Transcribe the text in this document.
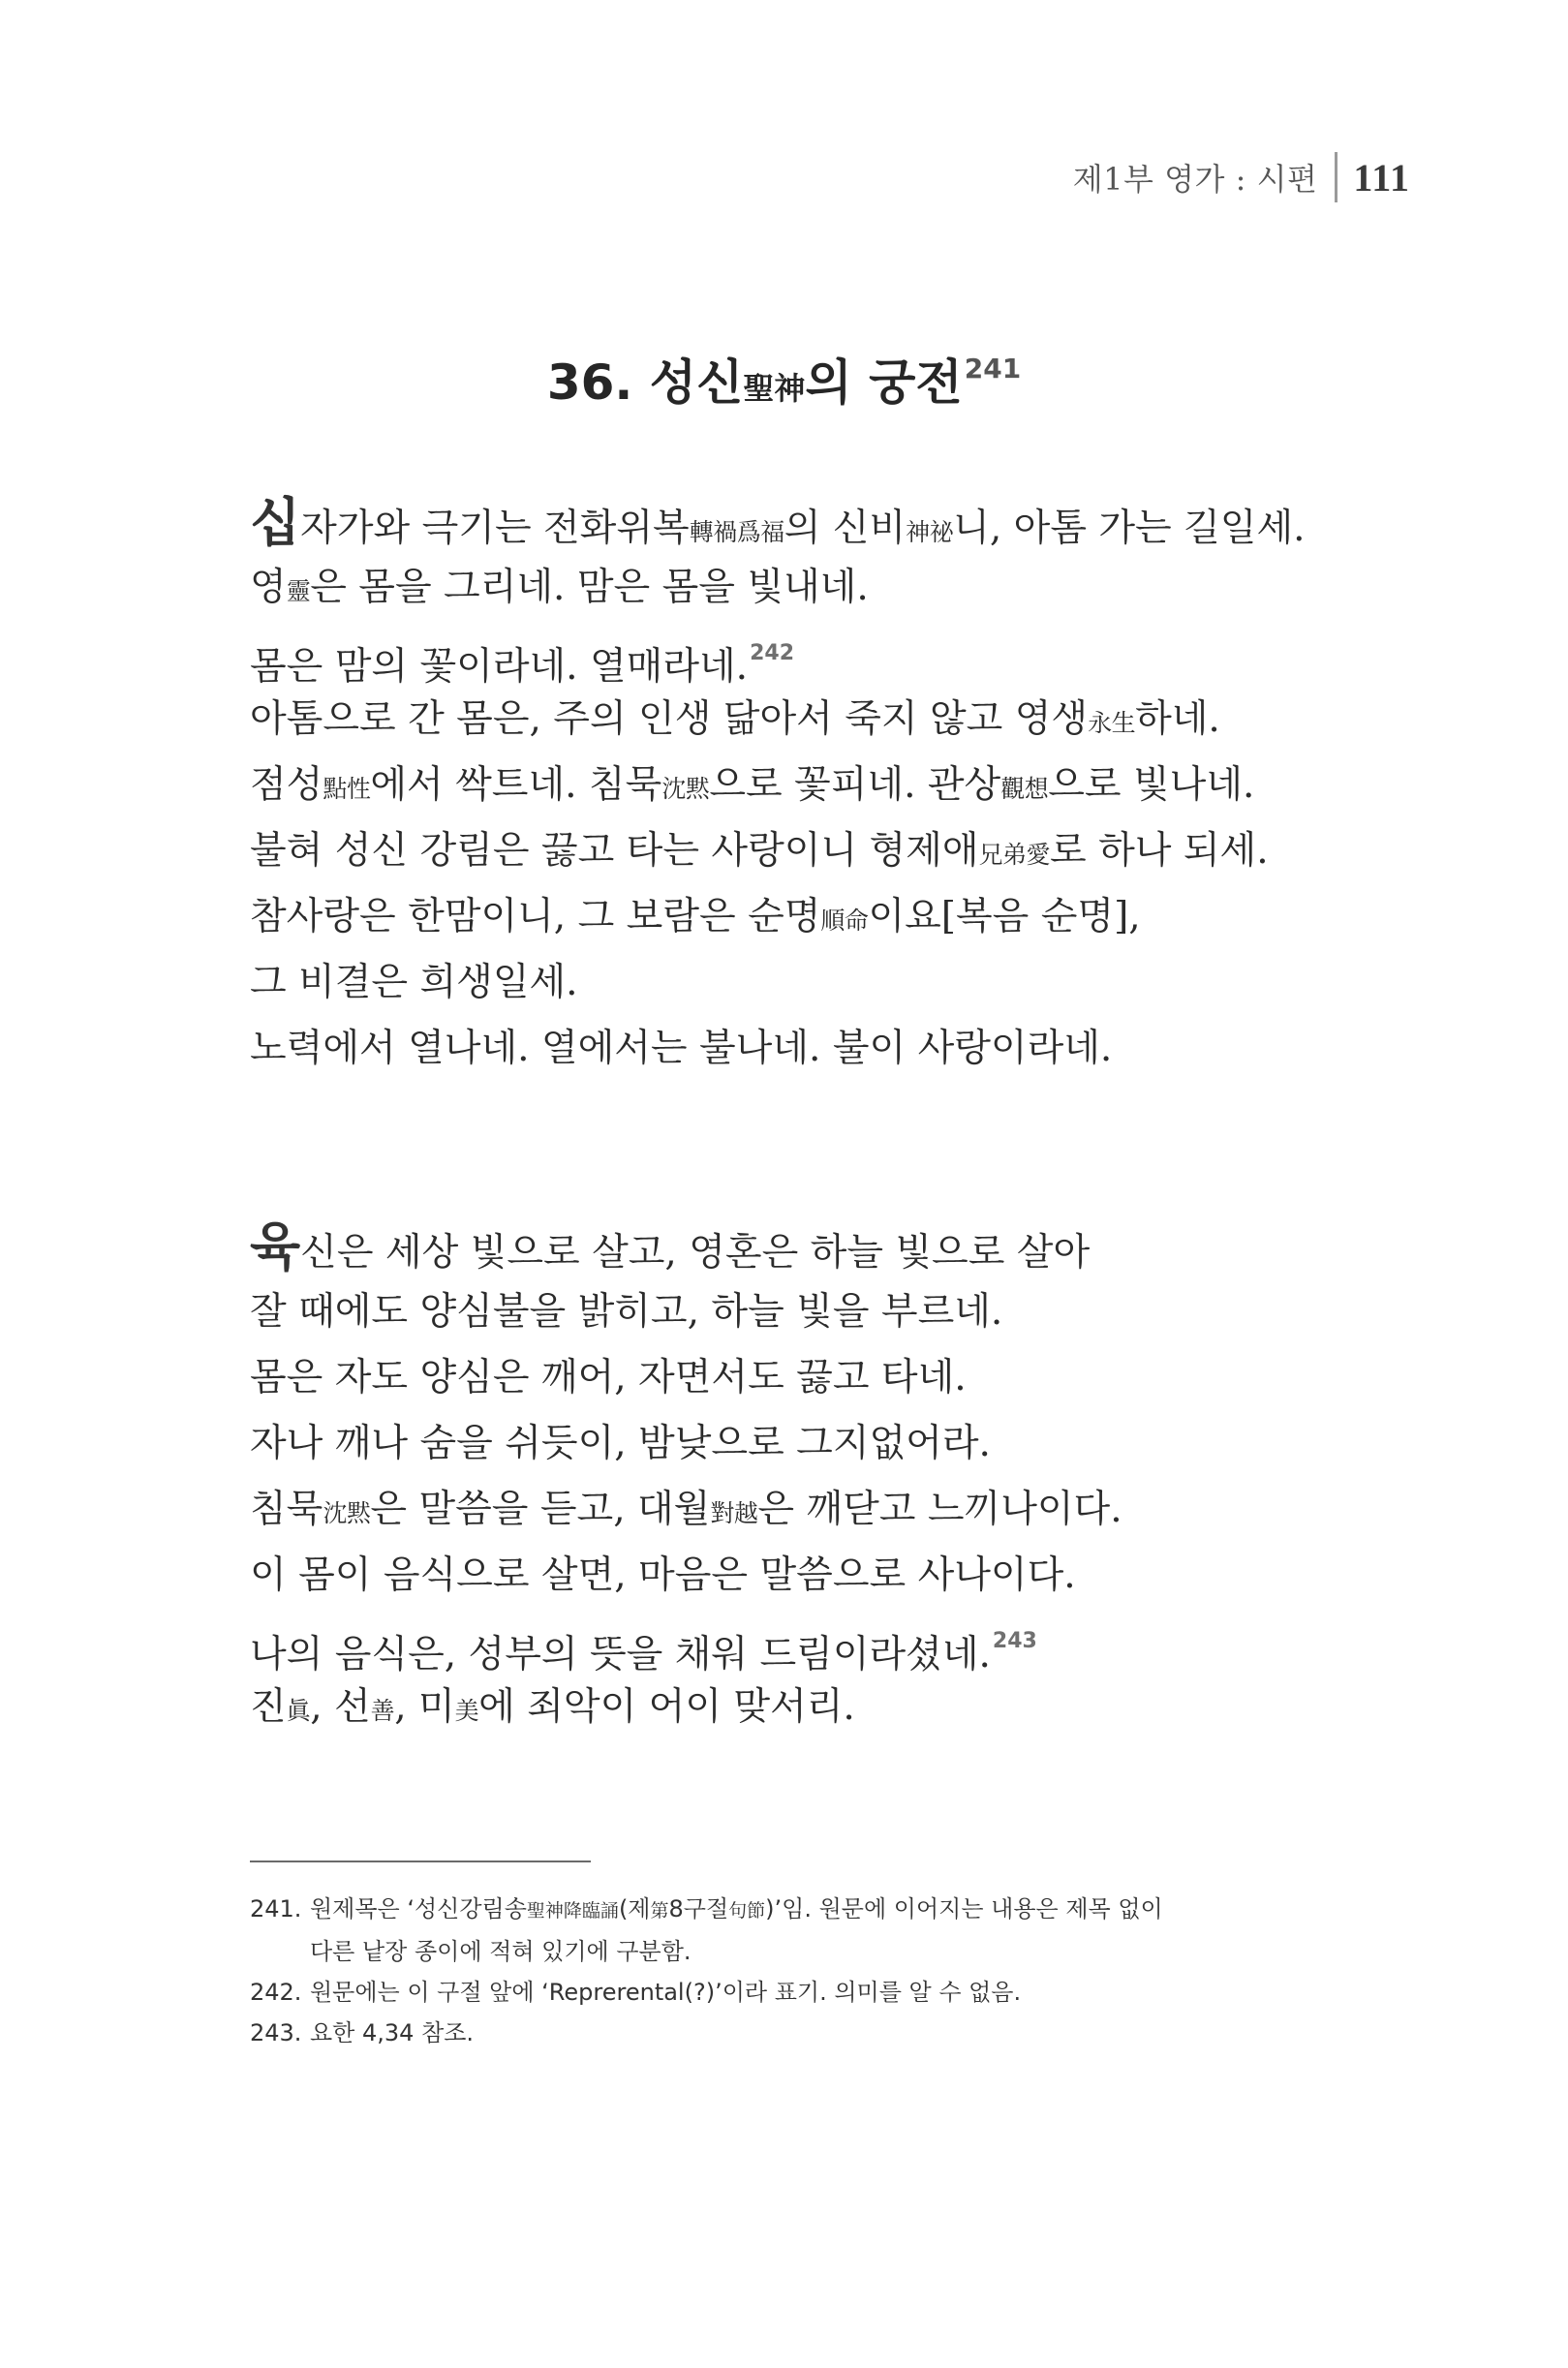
제1부 영가 : 시편 111
36. 성신聖神의 궁전$^{241}$
십자가와 극기는 전화위복轉禍爲福의 신비神祕니, 아톰 가는 길일세.
영靈은 몸을 그리네. 맘은 몸을 빛내네.
몸은 맘의 꽃이라네. 열매라네.$^{242}$
아톰으로 간 몸은, 주의 인생 닮아서 죽지 않고 영생永生하네.
점성點性에서 싹트네. 침묵沈黙으로 꽃피네. 관상觀想으로 빛나네.
불혀 성신 강림은 끓고 타는 사랑이니 형제애兄弟愛로 하나 되세.
참사랑은 한맘이니, 그 보람은 순명順命이요[복음 순명],
그 비결은 희생일세.
노력에서 열나네. 열에서는 불나네. 불이 사랑이라네.
육신은 세상 빛으로 살고, 영혼은 하늘 빛으로 살아
잘 때에도 양심불을 밝히고, 하늘 빛을 부르네.
몸은 자도 양심은 깨어, 자면서도 끓고 타네.
자나 깨나 숨을 쉬듯이, 밤낮으로 그지없어라.
침묵沈黙은 말씀을 듣고, 대월對越은 깨닫고 느끼나이다.
이 몸이 음식으로 살면, 마음은 말씀으로 사나이다.
나의 음식은, 성부의 뜻을 채워 드림이라셨네.$^{243}$
진眞, 선善, 미美에 죄악이 어이 맞서리.
241. 원제목은 ‘성신강림송聖神降臨誦(제第8구절句節)’임. 원문에 이어지는 내용은 제목 없이
다른 낱장 종이에 적혀 있기에 구분함.
242. 원문에는 이 구절 앞에 ‘Reprerental(?)’이라 표기. 의미를 알 수 없음.
243. 요한 4,34 참조.
